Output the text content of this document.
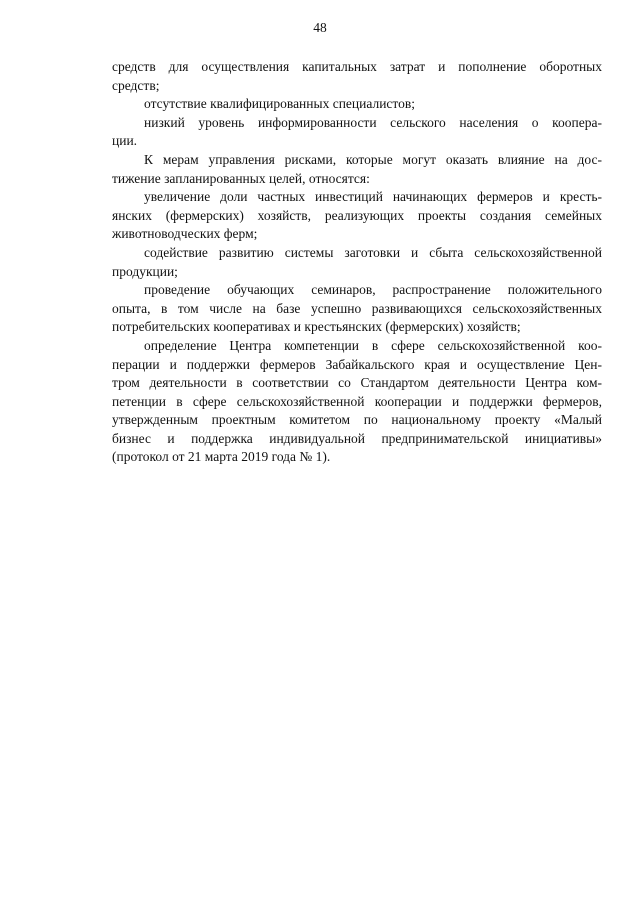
48
средств для осуществления капитальных затрат и пополнение оборотных
средств;
отсутствие квалифицированных специалистов;
низкий уровень информированности сельского населения о коопера-
ции.
К мерам управления рисками, которые могут оказать влияние на дос-
тижение запланированных целей, относятся:
увеличение доли частных инвестиций начинающих фермеров и кресть-
янских (фермерских) хозяйств, реализующих проекты создания семейных
животноводческих ферм;
содействие развитию системы заготовки и сбыта сельскохозяйственной
продукции;
проведение обучающих семинаров, распространение положительного
опыта, в том числе на базе успешно развивающихся сельскохозяйственных
потребительских кооперативах и крестьянских (фермерских) хозяйств;
определение Центра компетенции в сфере сельскохозяйственной коо-
перации и поддержки фермеров Забайкальского края и осуществление Цен-
тром деятельности в соответствии со Стандартом деятельности Центра ком-
петенции в сфере сельскохозяйственной кооперации и поддержки фермеров,
утвержденным проектным комитетом по национальному проекту «Малый
бизнес и поддержка индивидуальной предпринимательской инициативы»
(протокол от 21 марта 2019 года № 1).
